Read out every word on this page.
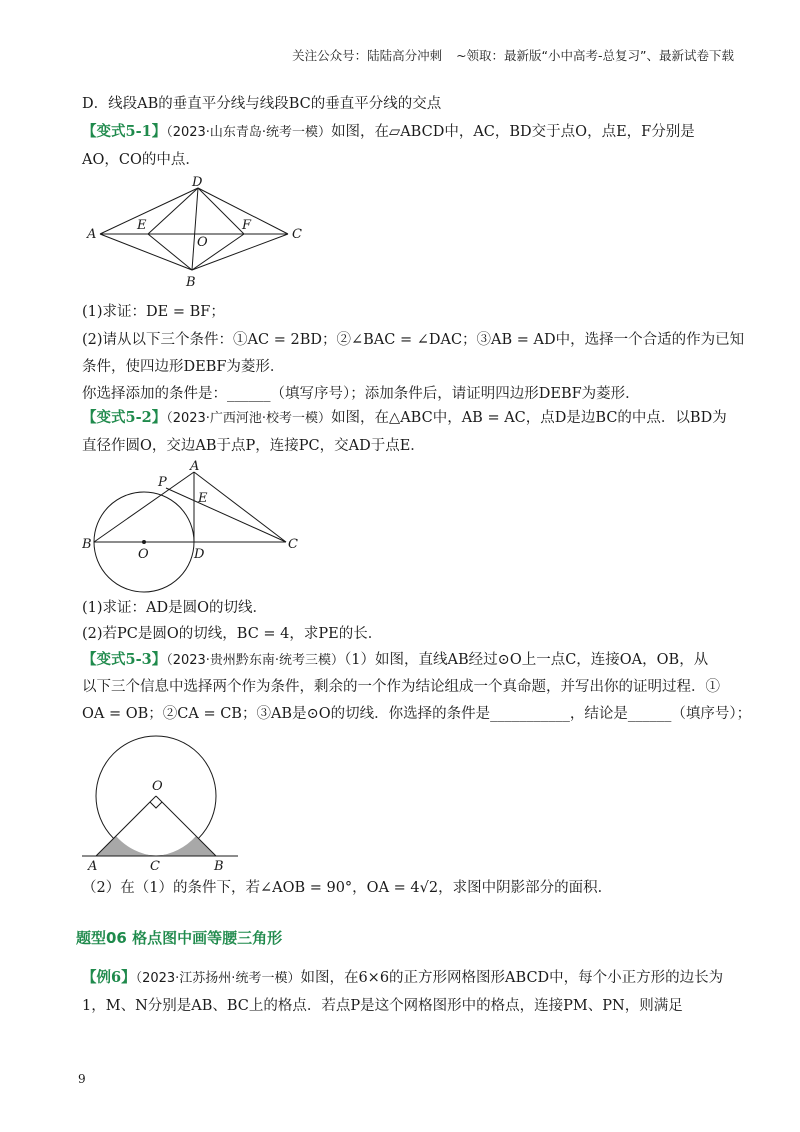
关注公众号：陆陆高分冲刺 ~领取：最新版“小中高考-总复习”、最新试卷下载
D．线段AB的垂直平分线与线段BC的垂直平分线的交点
【变式5-1】（2023·山东青岛·统考一模）如图，在▱ABCD中，AC，BD交于点O，点E，F分别是
AO，CO的中点．
A
D
C
B
E	F
O
(1)求证：DE = BF；
(2)请从以下三个条件：①AC = 2BD；②∠BAC = ∠DAC；③AB = AD中，选择一个合适的作为已知
条件，使四边形DEBF为菱形．
你选择添加的条件是：______（填写序号）；添加条件后，请证明四边形DEBF为菱形．
【变式5-2】（2023·广西河池·校考一模）如图，在△ABC中，AB = AC，点D是边BC的中点．以BD为
直径作圆O，交边AB于点P，连接PC，交AD于点E．
B	C
A
P
E
D
O
(1)求证：AD是圆O的切线．
(2)若PC是圆O的切线，BC = 4，求PE的长．
【变式5-3】（2023·贵州黔东南·统考三模）（1）如图，直线AB经过⊙O上一点C，连接OA，OB，从
以下三个信息中选择两个作为条件，剩余的一个作为结论组成一个真命题，并写出你的证明过程．①
OA = OB；②CA = CB；③AB是⊙O的切线．你选择的条件是___________，结论是______（填序号）；
O
A	C	B
（2）在（1）的条件下，若∠AOB = 90°，OA = 4√2，求图中阴影部分的面积．
题型06 格点图中画等腰三角形
【例6】（2023·江苏扬州·统考一模）如图，在6×6的正方形网格图形ABCD中，每个小正方形的边长为
1，M、N分别是AB、BC上的格点．若点P是这个网格图形中的格点，连接PM、PN，则满足
9
